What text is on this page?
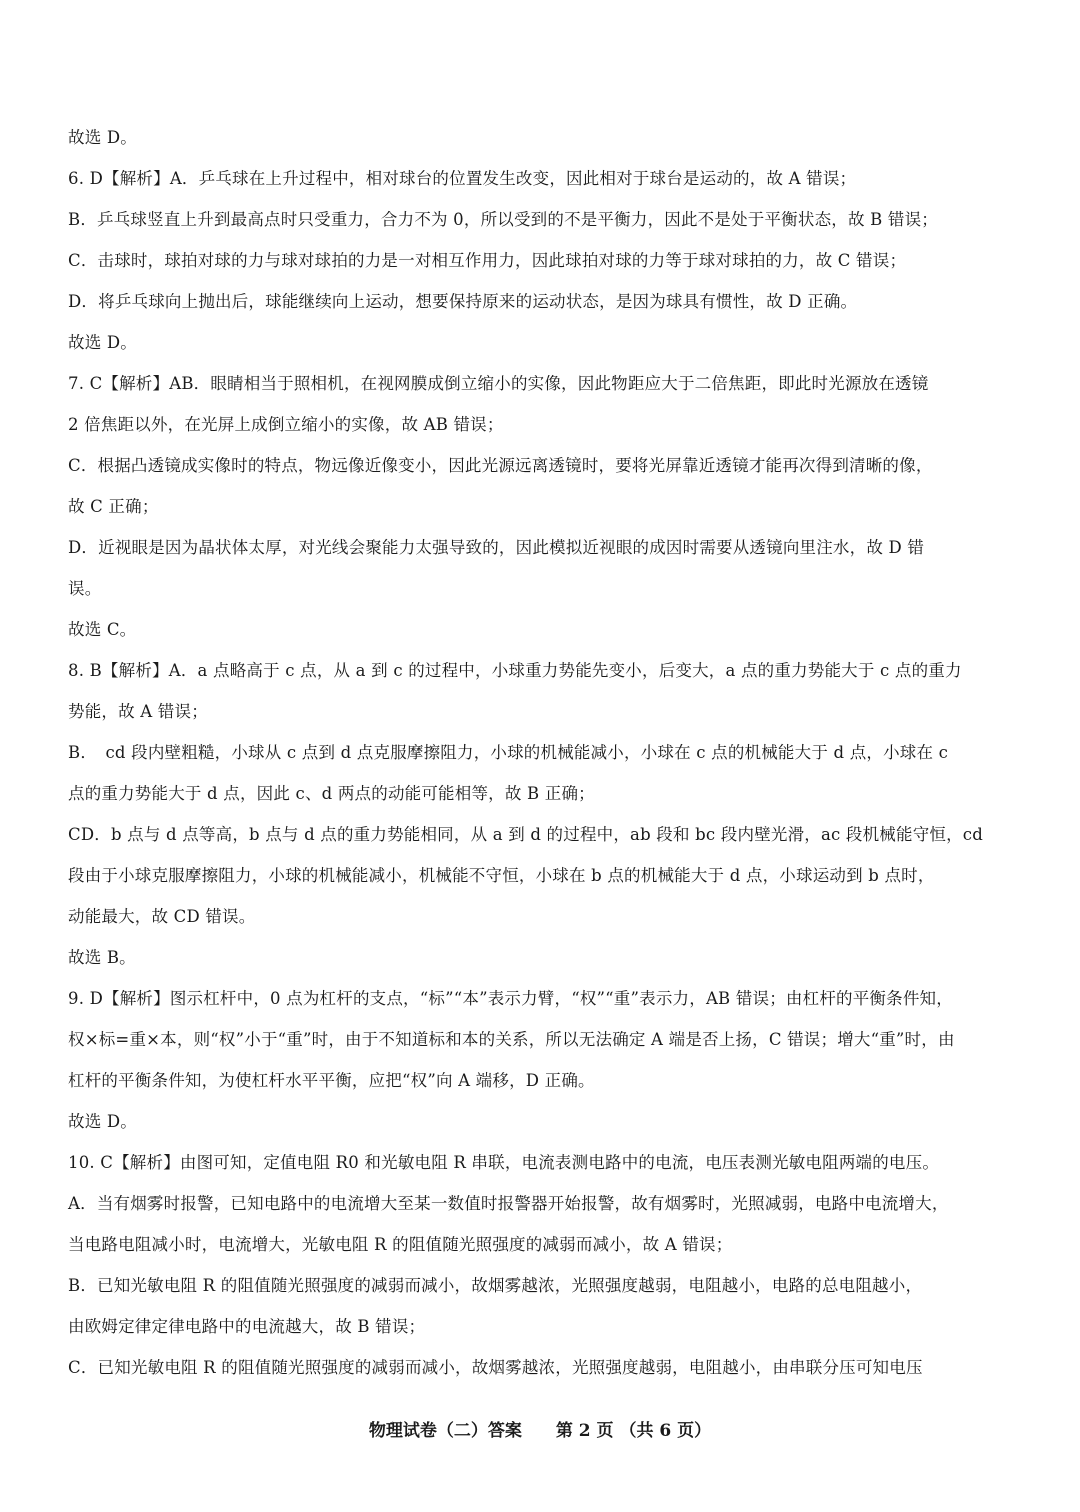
故选 D。
6. D【解析】A．乒乓球在上升过程中，相对球台的位置发生改变，因此相对于球台是运动的，故 A 错误；
B．乒乓球竖直上升到最高点时只受重力，合力不为 0，所以受到的不是平衡力，因此不是处于平衡状态，故 B 错误；
C．击球时，球拍对球的力与球对球拍的力是一对相互作用力，因此球拍对球的力等于球对球拍的力，故 C 错误；
D．将乒乓球向上抛出后，球能继续向上运动，想要保持原来的运动状态，是因为球具有惯性，故 D 正确。
故选 D。
7. C【解析】AB．眼睛相当于照相机，在视网膜成倒立缩小的实像，因此物距应大于二倍焦距，即此时光源放在透镜
2 倍焦距以外，在光屏上成倒立缩小的实像，故 AB 错误；
C．根据凸透镜成实像时的特点，物远像近像变小，因此光源远离透镜时，要将光屏靠近透镜才能再次得到清晰的像，
故 C 正确；
D．近视眼是因为晶状体太厚，对光线会聚能力太强导致的，因此模拟近视眼的成因时需要从透镜向里注水，故 D 错
误。
故选 C。
8. B【解析】A．a 点略高于 c 点，从 a 到 c 的过程中，小球重力势能先变小，后变大，a 点的重力势能大于 c 点的重力
势能，故 A 错误；
B．　cd 段内壁粗糙，小球从 c 点到 d 点克服摩擦阻力，小球的机械能减小，小球在 c 点的机械能大于 d 点，小球在 c
点的重力势能大于 d 点，因此 c、d 两点的动能可能相等，故 B 正确；
CD．b 点与 d 点等高，b 点与 d 点的重力势能相同，从 a 到 d 的过程中，ab 段和 bc 段内壁光滑，ac 段机械能守恒，cd
段由于小球克服摩擦阻力，小球的机械能减小，机械能不守恒，小球在 b 点的机械能大于 d 点，小球运动到 b 点时，
动能最大，故 CD 错误。
故选 B。
9. D【解析】图示杠杆中，0 点为杠杆的支点，“标”“本”表示力臂，“权”“重”表示力，AB 错误；由杠杆的平衡条件知，
权×标=重×本，则“权”小于“重”时，由于不知道标和本的关系，所以无法确定 A 端是否上扬，C 错误；增大“重”时，由
杠杆的平衡条件知，为使杠杆水平平衡，应把“权”向 A 端移，D 正确。
故选 D。
10. C【解析】由图可知，定值电阻 R0 和光敏电阻 R 串联，电流表测电路中的电流，电压表测光敏电阻两端的电压。
A．当有烟雾时报警，已知电路中的电流增大至某一数值时报警器开始报警，故有烟雾时，光照减弱，电路中电流增大，
当电路电阻减小时，电流增大，光敏电阻 R 的阻值随光照强度的减弱而减小，故 A 错误；
B．已知光敏电阻 R 的阻值随光照强度的减弱而减小，故烟雾越浓，光照强度越弱，电阻越小，电路的总电阻越小，
由欧姆定律定律电路中的电流越大，故 B 错误；
C．已知光敏电阻 R 的阻值随光照强度的减弱而减小，故烟雾越浓，光照强度越弱，电阻越小，由串联分压可知电压
物理试卷（二）答案　　第 2 页 （共 6 页）
